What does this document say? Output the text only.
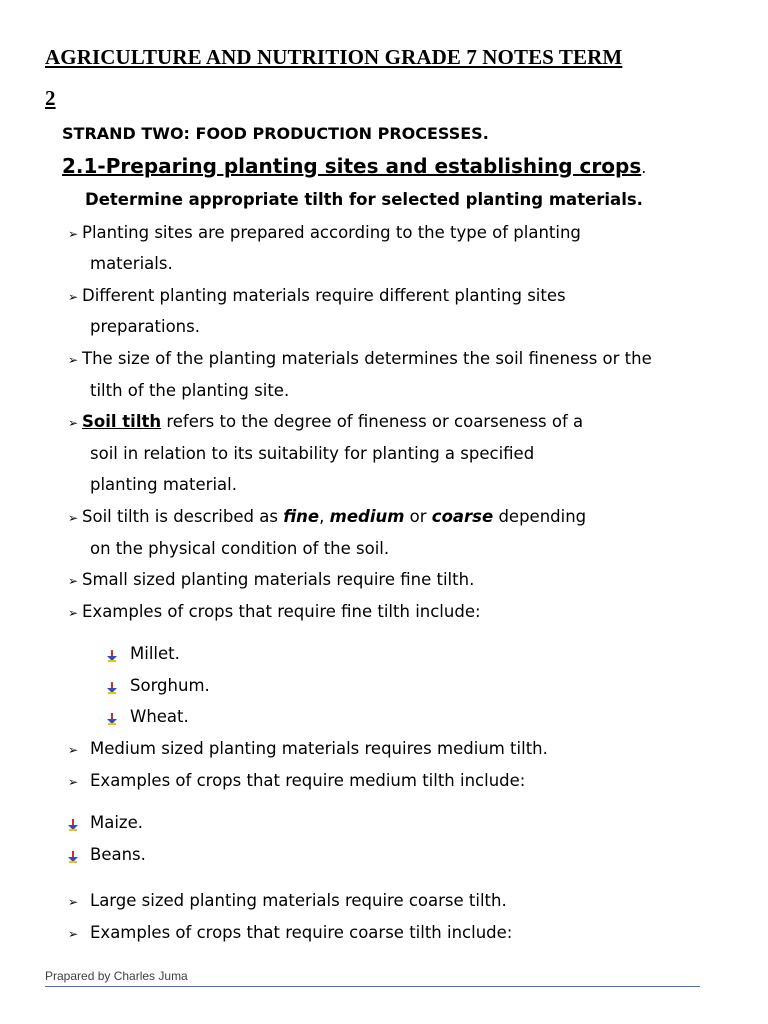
AGRICULTURE AND NUTRITION GRADE 7 NOTES TERM
2
STRAND TWO: FOOD PRODUCTION PROCESSES.
2.1-Preparing planting sites and establishing crops.
Determine appropriate tilth for selected planting materials.
➢ Planting sites are prepared according to the type of planting
materials.
➢ Different planting materials require different planting sites
preparations.
➢ The size of the planting materials determines the soil fineness or the
tilth of the planting site.
➢ Soil tilth refers to the degree of fineness or coarseness of a
soil in relation to its suitability for planting a specified
planting material.
➢ Soil tilth is described as fine, medium or coarse depending
on the physical condition of the soil.
➢ Small sized planting materials require fine tilth.
➢ Examples of crops that require fine tilth include:
Millet.
Sorghum.
Wheat.
➢ Medium sized planting materials requires medium tilth.
➢ Examples of crops that require medium tilth include:
Maize.
Beans.
➢ Large sized planting materials require coarse tilth.
➢ Examples of crops that require coarse tilth include:
Prapared by Charles Juma
